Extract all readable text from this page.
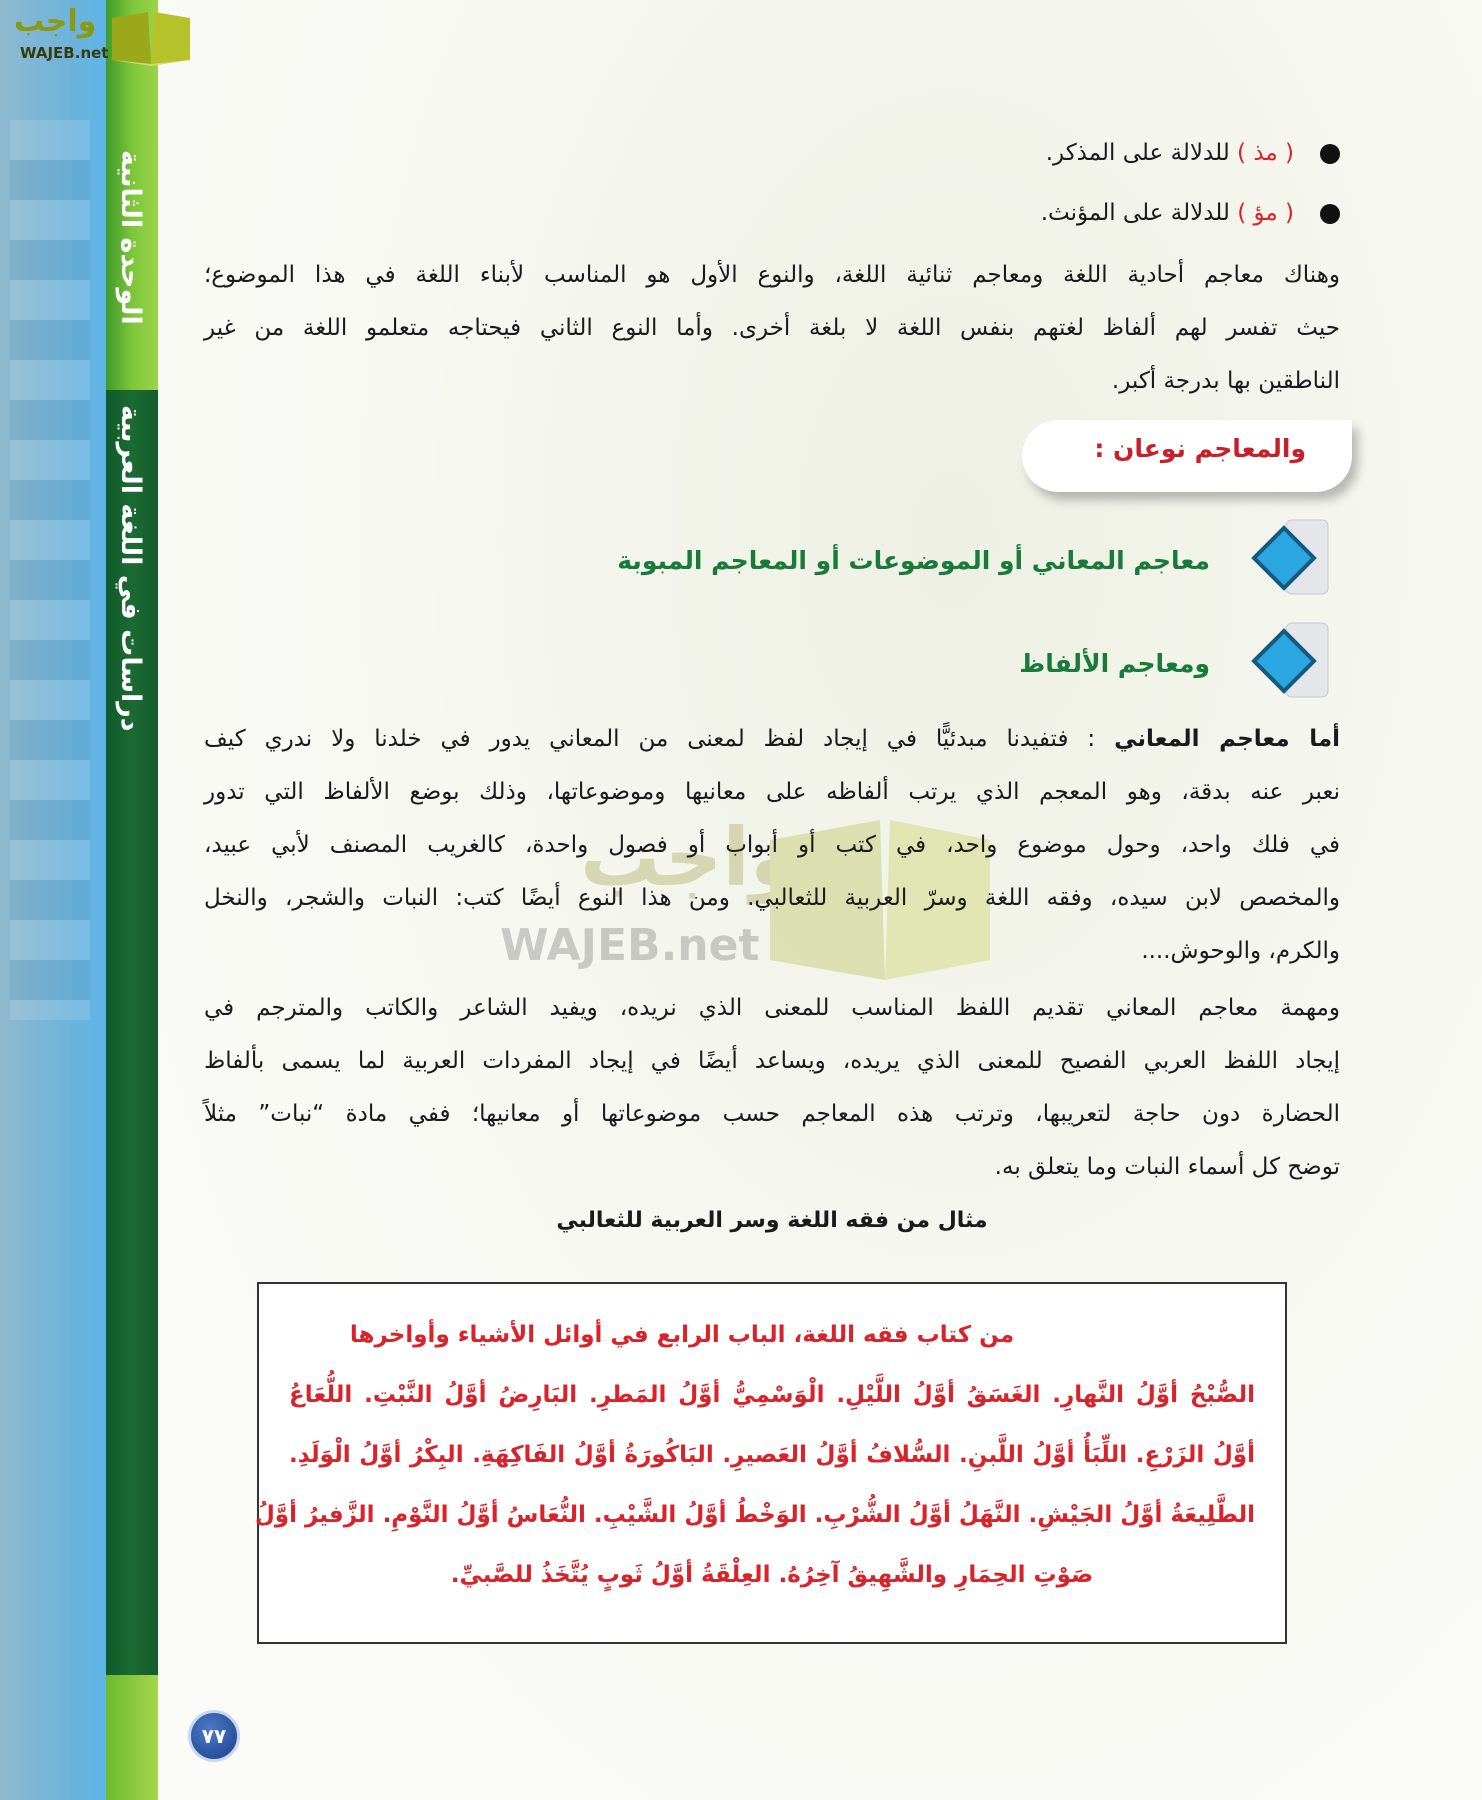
الوحدة الثانية
دراسات في اللغة العربية
واجب
WAJEB.net
واجب
WAJEB.net
( مذ ) للدلالة على المذكر.
( مؤ ) للدلالة على المؤنث.
وهناك معاجم أحادية اللغة ومعاجم ثنائية اللغة، والنوع الأول هو المناسب لأبناء اللغة في هذا الموضوع؛
حيث تفسر لهم ألفاظ لغتهم بنفس اللغة لا بلغة أخرى. وأما النوع الثاني فيحتاجه متعلمو اللغة من غير
الناطقين بها بدرجة أكبر.
أما معاجم المعاني : فتفيدنا مبدئيًّا في إيجاد لفظ لمعنى من المعاني يدور في خلدنا ولا ندري كيف
نعبر عنه بدقة، وهو المعجم الذي يرتب ألفاظه على معانيها وموضوعاتها، وذلك بوضع الألفاظ التي تدور
في فلك واحد، وحول موضوع واحد، في كتب أو أبواب أو فصول واحدة، كالغريب المصنف لأبي عبيد،
والمخصص لابن سيده، وفقه اللغة وسرّ العربية للثعالبي. ومن هذا النوع أيضًا كتب: النبات والشجر، والنخل
والكرم، والوحوش....
ومهمة معاجم المعاني تقديم اللفظ المناسب للمعنى الذي نريده، ويفيد الشاعر والكاتب والمترجم في
إيجاد اللفظ العربي الفصيح للمعنى الذي يريده، ويساعد أيضًا في إيجاد المفردات العربية لما يسمى بألفاظ
الحضارة دون حاجة لتعريبها، وترتب هذه المعاجم حسب موضوعاتها أو معانيها؛ ففي مادة “نبات” مثلاً
توضح كل أسماء النبات وما يتعلق به.
والمعاجم نوعان :
معاجم المعاني أو الموضوعات أو المعاجم المبوبة
ومعاجم الألفاظ
مثال من فقه اللغة وسر العربية للثعالبي
من كتاب فقه اللغة، الباب الرابع في أوائل الأشياء وأواخرها
الصُّبْحُ أوَّلُ النَّهارِ. الغَسَقُ أوَّلُ اللَّيْلِ. الْوَسْمِيُّ أوَّلُ المَطرِ. البَارِضُ أوَّلُ النَّبْتِ. اللُّعَاعُ
أوَّلُ الزَرْعِ. اللِّبَأُ أوَّلُ اللَّبنِ. السُّلافُ أوَّلُ العَصيرِ. البَاكُورَةُ أوَّلُ الفَاكِهَةِ. البِكْرُ أوَّلُ الْوَلَدِ.
الطَّلِيعَةُ أوَّلُ الجَيْشِ. النَّهَلُ أوَّلُ الشُّرْبِ. الوَخْطُ أوَّلُ الشَّيْبِ. النُّعَاسُ أوَّلُ النَّوْمِ. الزَّفيرُ أوَّلُ
صَوْتِ الحِمَارِ والشَّهِيقُ آخِرُهُ. العِلْقَةُ أوَّلُ ثَوبٍ يُتَّخَذُ للصَّبيِّ.
٧٧
